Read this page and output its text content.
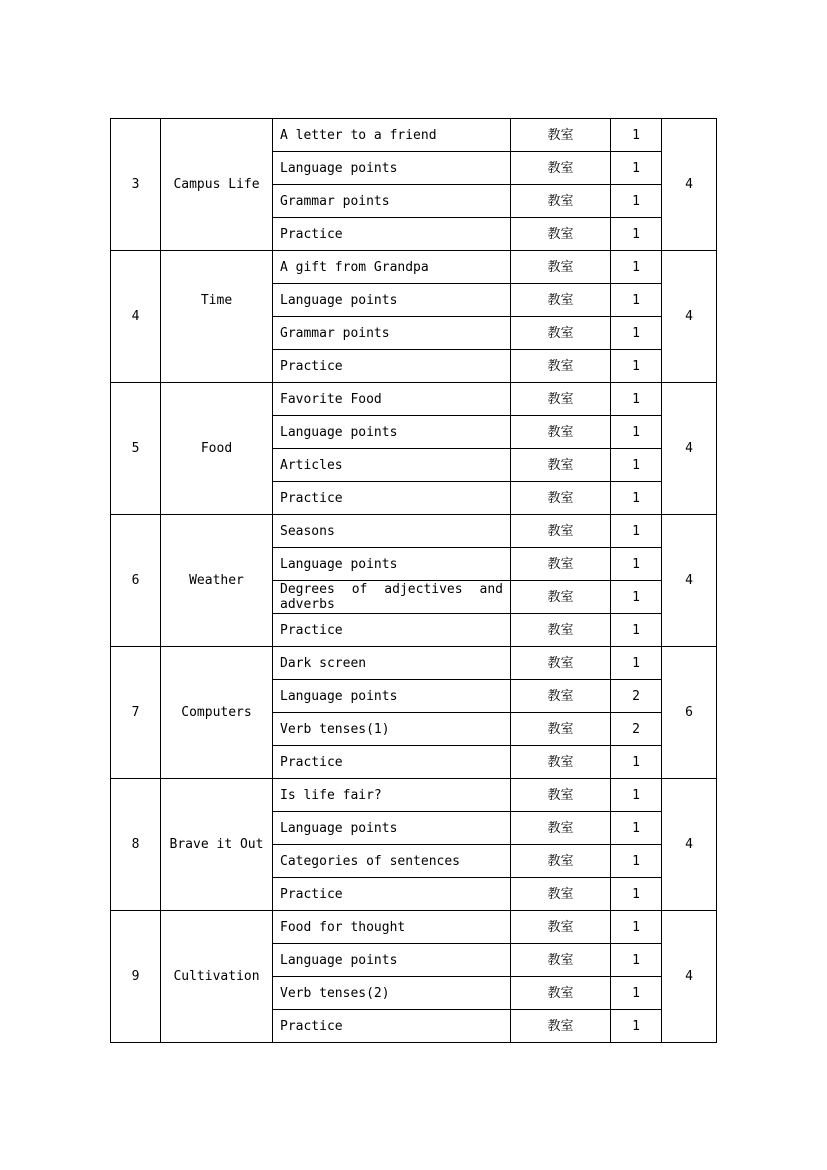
3	Campus Life	A letter to a friend	教室	1	4
		Language points	教室	1	
		Grammar points	教室	1	
		Practice	教室	1	
4	Time	A gift from Grandpa	教室	1	4
		Language points	教室	1	
		Grammar points	教室	1	
		Practice	教室	1	
5	Food	Favorite Food	教室	1	4
		Language points	教室	1	
		Articles	教室	1	
		Practice	教室	1	
6	Weather	Seasons	教室	1	4
		Language points	教室	1	
		Degrees of adjectives and adverbs	教室	1	
		Practice	教室	1	
7	Computers	Dark screen	教室	1	6
		Language points	教室	2	
		Verb tenses(1)	教室	2	
		Practice	教室	1	
8	Brave it Out	Is life fair?	教室	1	4
		Language points	教室	1	
		Categories of sentences	教室	1	
		Practice	教室	1	
9	Cultivation	Food for thought	教室	1	4
		Language points	教室	1	
		Verb tenses(2)	教室	1	
		Practice	教室	1	
